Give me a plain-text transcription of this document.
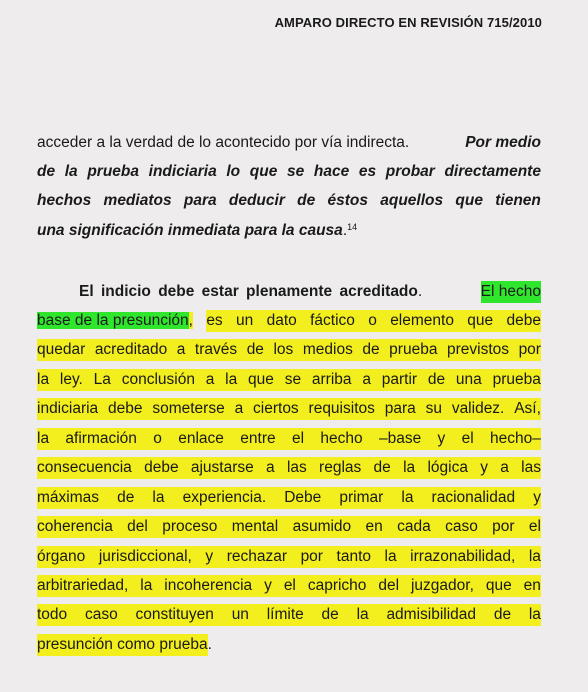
AMPARO DIRECTO EN REVISIÓN 715/2010
acceder a la verdad de lo acontecido por vía indirecta.	Por medio
de la prueba indiciaria lo que se hace es probar directamente
hechos mediatos para deducir de éstos aquellos que tienen
una significación inmediata para la causa .$^{14}$
El indicio debe estar plenamente acreditado .	El hecho
base de la presunción, es un dato fáctico o elemento que debe
quedar acreditado a través de los medios de prueba previstos por
la ley. La conclusión a la que se arriba a partir de una prueba
indiciaria debe someterse a ciertos requisitos para su validez. Así,
la afirmación o enlace entre el hecho –base y el hecho–
consecuencia debe ajustarse a las reglas de la lógica y a las
máximas de la experiencia. Debe primar la racionalidad y
coherencia del proceso mental asumido en cada caso por el
órgano jurisdiccional, y rechazar por tanto la irrazonabilidad, la
arbitrariedad, la incoherencia y el capricho del juzgador, que en
todo caso constituyen un límite de la admisibilidad de la
presunción como prueba .
